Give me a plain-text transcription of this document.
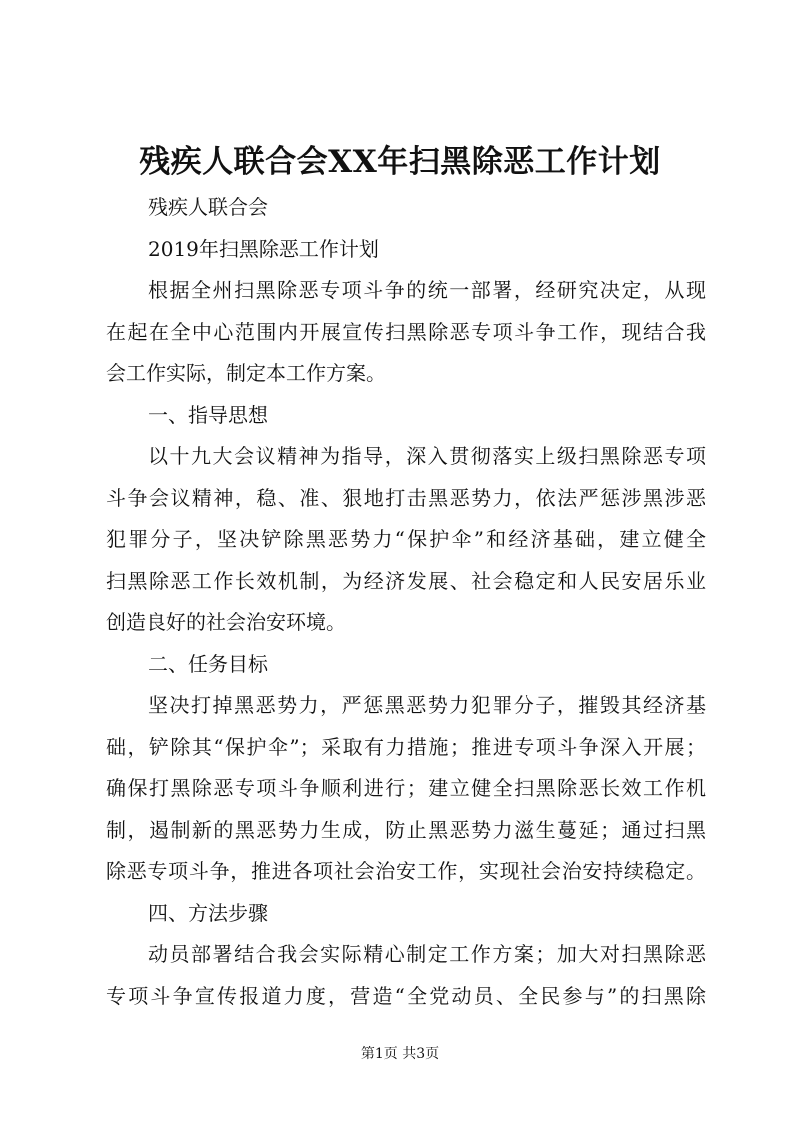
残疾人联合会XX年扫黑除恶工作计划
残疾人联合会
2019年扫黑除恶工作计划
根据全州扫黑除恶专项斗争的统一部署，经研究决定，从现
在起在全中心范围内开展宣传扫黑除恶专项斗争工作，现结合我
会工作实际，制定本工作方案。
一、指导思想
以十九大会议精神为指导，深入贯彻落实上级扫黑除恶专项
斗争会议精神，稳、准、狠地打击黑恶势力，依法严惩涉黑涉恶
犯罪分子，坚决铲除黑恶势力“保护伞”和经济基础，建立健全
扫黑除恶工作长效机制，为经济发展、社会稳定和人民安居乐业
创造良好的社会治安环境。
二、任务目标
坚决打掉黑恶势力，严惩黑恶势力犯罪分子，摧毁其经济基
础，铲除其“保护伞”；采取有力措施；推进专项斗争深入开展；
确保打黑除恶专项斗争顺利进行；建立健全扫黑除恶长效工作机
制，遏制新的黑恶势力生成，防止黑恶势力滋生蔓延；通过扫黑
除恶专项斗争，推进各项社会治安工作，实现社会治安持续稳定。
四、方法步骤
动员部署结合我会实际精心制定工作方案；加大对扫黑除恶
专项斗争宣传报道力度，营造“全党动员、全民参与”的扫黑除
第1页 共3页
